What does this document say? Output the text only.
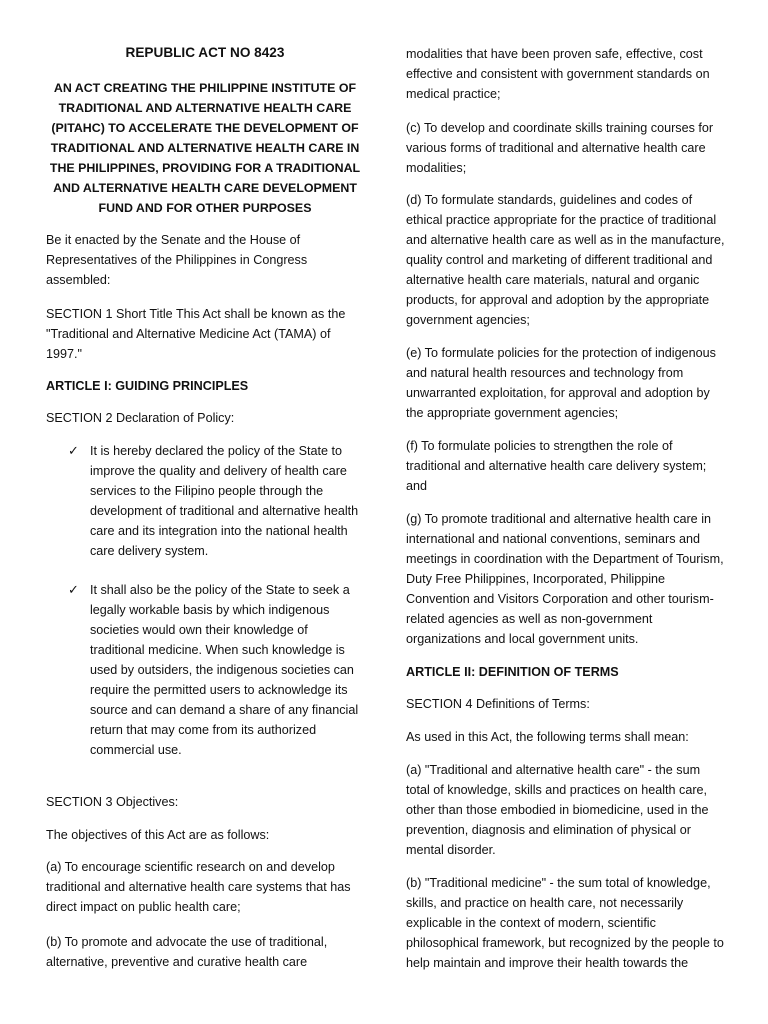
REPUBLIC ACT NO 8423

AN ACT CREATING THE PHILIPPINE INSTITUTE OF TRADITIONAL AND ALTERNATIVE HEALTH CARE (PITAHC) TO ACCELERATE THE DEVELOPMENT OF TRADITIONAL AND ALTERNATIVE HEALTH CARE IN THE PHILIPPINES, PROVIDING FOR A TRADITIONAL AND ALTERNATIVE HEALTH CARE DEVELOPMENT FUND AND FOR OTHER PURPOSES

Be it enacted by the Senate and the House of Representatives of the Philippines in Congress assembled:

SECTION 1 Short Title This Act shall be known as the "Traditional and Alternative Medicine Act (TAMA) of 1997."

ARTICLE I: GUIDING PRINCIPLES

SECTION 2 Declaration of Policy:

✓ It is hereby declared the policy of the State to improve the quality and delivery of health care services to the Filipino people through the development of traditional and alternative health care and its integration into the national health care delivery system.

✓ It shall also be the policy of the State to seek a legally workable basis by which indigenous societies would own their knowledge of traditional medicine. When such knowledge is used by outsiders, the indigenous societies can require the permitted users to acknowledge its source and can demand a share of any financial return that may come from its authorized commercial use.

SECTION 3 Objectives:

The objectives of this Act are as follows:

(a) To encourage scientific research on and develop traditional and alternative health care systems that has direct impact on public health care;

(b) To promote and advocate the use of traditional, alternative, preventive and curative health care

modalities that have been proven safe, effective, cost effective and consistent with government standards on medical practice;

(c) To develop and coordinate skills training courses for various forms of traditional and alternative health care modalities;

(d) To formulate standards, guidelines and codes of ethical practice appropriate for the practice of traditional and alternative health care as well as in the manufacture, quality control and marketing of different traditional and alternative health care materials, natural and organic products, for approval and adoption by the appropriate government agencies;

(e) To formulate policies for the protection of indigenous and natural health resources and technology from unwarranted exploitation, for approval and adoption by the appropriate government agencies;

(f) To formulate policies to strengthen the role of traditional and alternative health care delivery system; and

(g) To promote traditional and alternative health care in international and national conventions, seminars and meetings in coordination with the Department of Tourism, Duty Free Philippines, Incorporated, Philippine Convention and Visitors Corporation and other tourism-related agencies as well as non-government organizations and local government units.

ARTICLE II: DEFINITION OF TERMS

SECTION 4 Definitions of Terms:

As used in this Act, the following terms shall mean:

(a) "Traditional and alternative health care" - the sum total of knowledge, skills and practices on health care, other than those embodied in biomedicine, used in the prevention, diagnosis and elimination of physical or mental disorder.

(b) "Traditional medicine" - the sum total of knowledge, skills, and practice on health care, not necessarily explicable in the context of modern, scientific philosophical framework, but recognized by the people to help maintain and improve their health towards the
